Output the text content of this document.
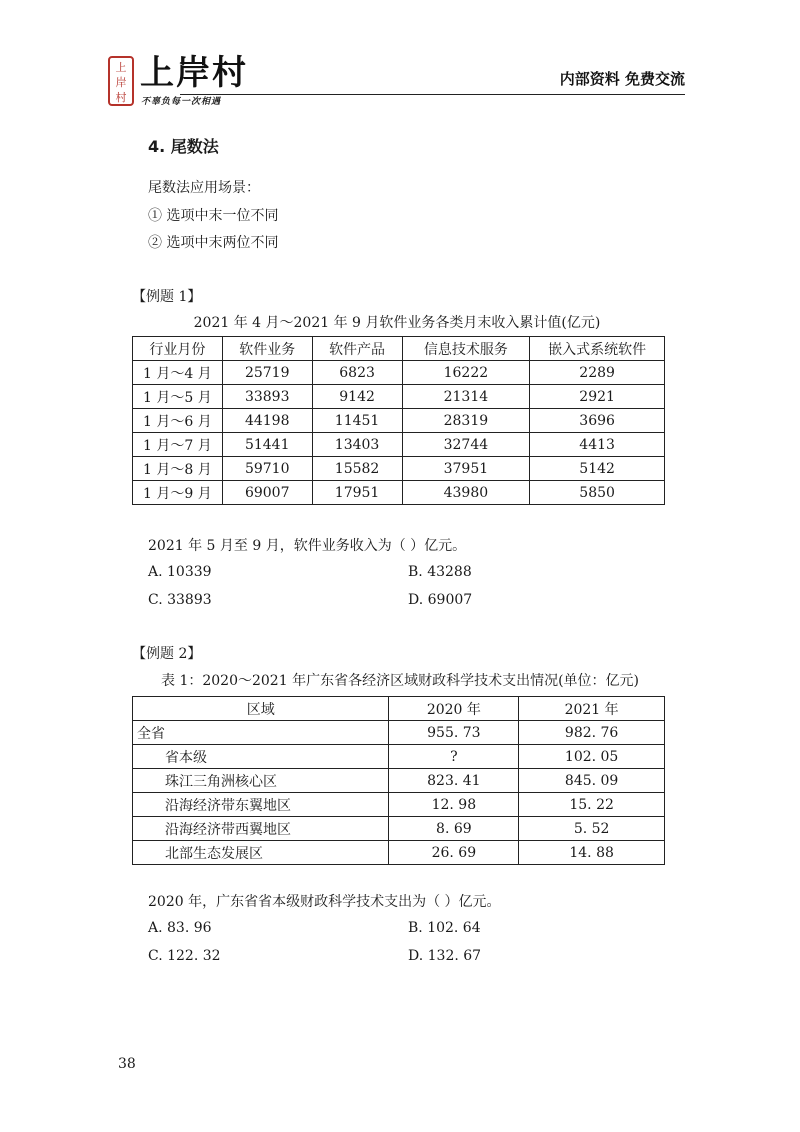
上岸村
上岸村
不辜负每一次相遇
内部资料 免费交流
4. 尾数法
尾数法应用场景：
① 选项中末一位不同
② 选项中末两位不同
【例题 1】
2021 年 4 月～2021 年 9 月软件业务各类月末收入累计值(亿元)
行业月份	软件业务	软件产品	信息技术服务	嵌入式系统软件
1 月～4 月	25719	6823	16222	2289
1 月～5 月	33893	9142	21314	2921
1 月～6 月	44198	11451	28319	3696
1 月～7 月	51441	13403	32744	4413
1 月～8 月	59710	15582	37951	5142
1 月～9 月	69007	17951	43980	5850
2021 年 5 月至 9 月，软件业务收入为（ ）亿元。
A. 10339	B. 43288
C. 33893	D. 69007
【例题 2】
表 1：2020～2021 年广东省各经济区域财政科学技术支出情况(单位：亿元)
区域	2020 年	2021 年
全省	955. 73	982. 76
省本级	?	102. 05
珠江三角洲核心区	823. 41	845. 09
沿海经济带东翼地区	12. 98	15. 22
沿海经济带西翼地区	8. 69	5. 52
北部生态发展区	26. 69	14. 88
2020 年，广东省省本级财政科学技术支出为（ ）亿元。
A. 83. 96	B. 102. 64
C. 122. 32	D. 132. 67
38
